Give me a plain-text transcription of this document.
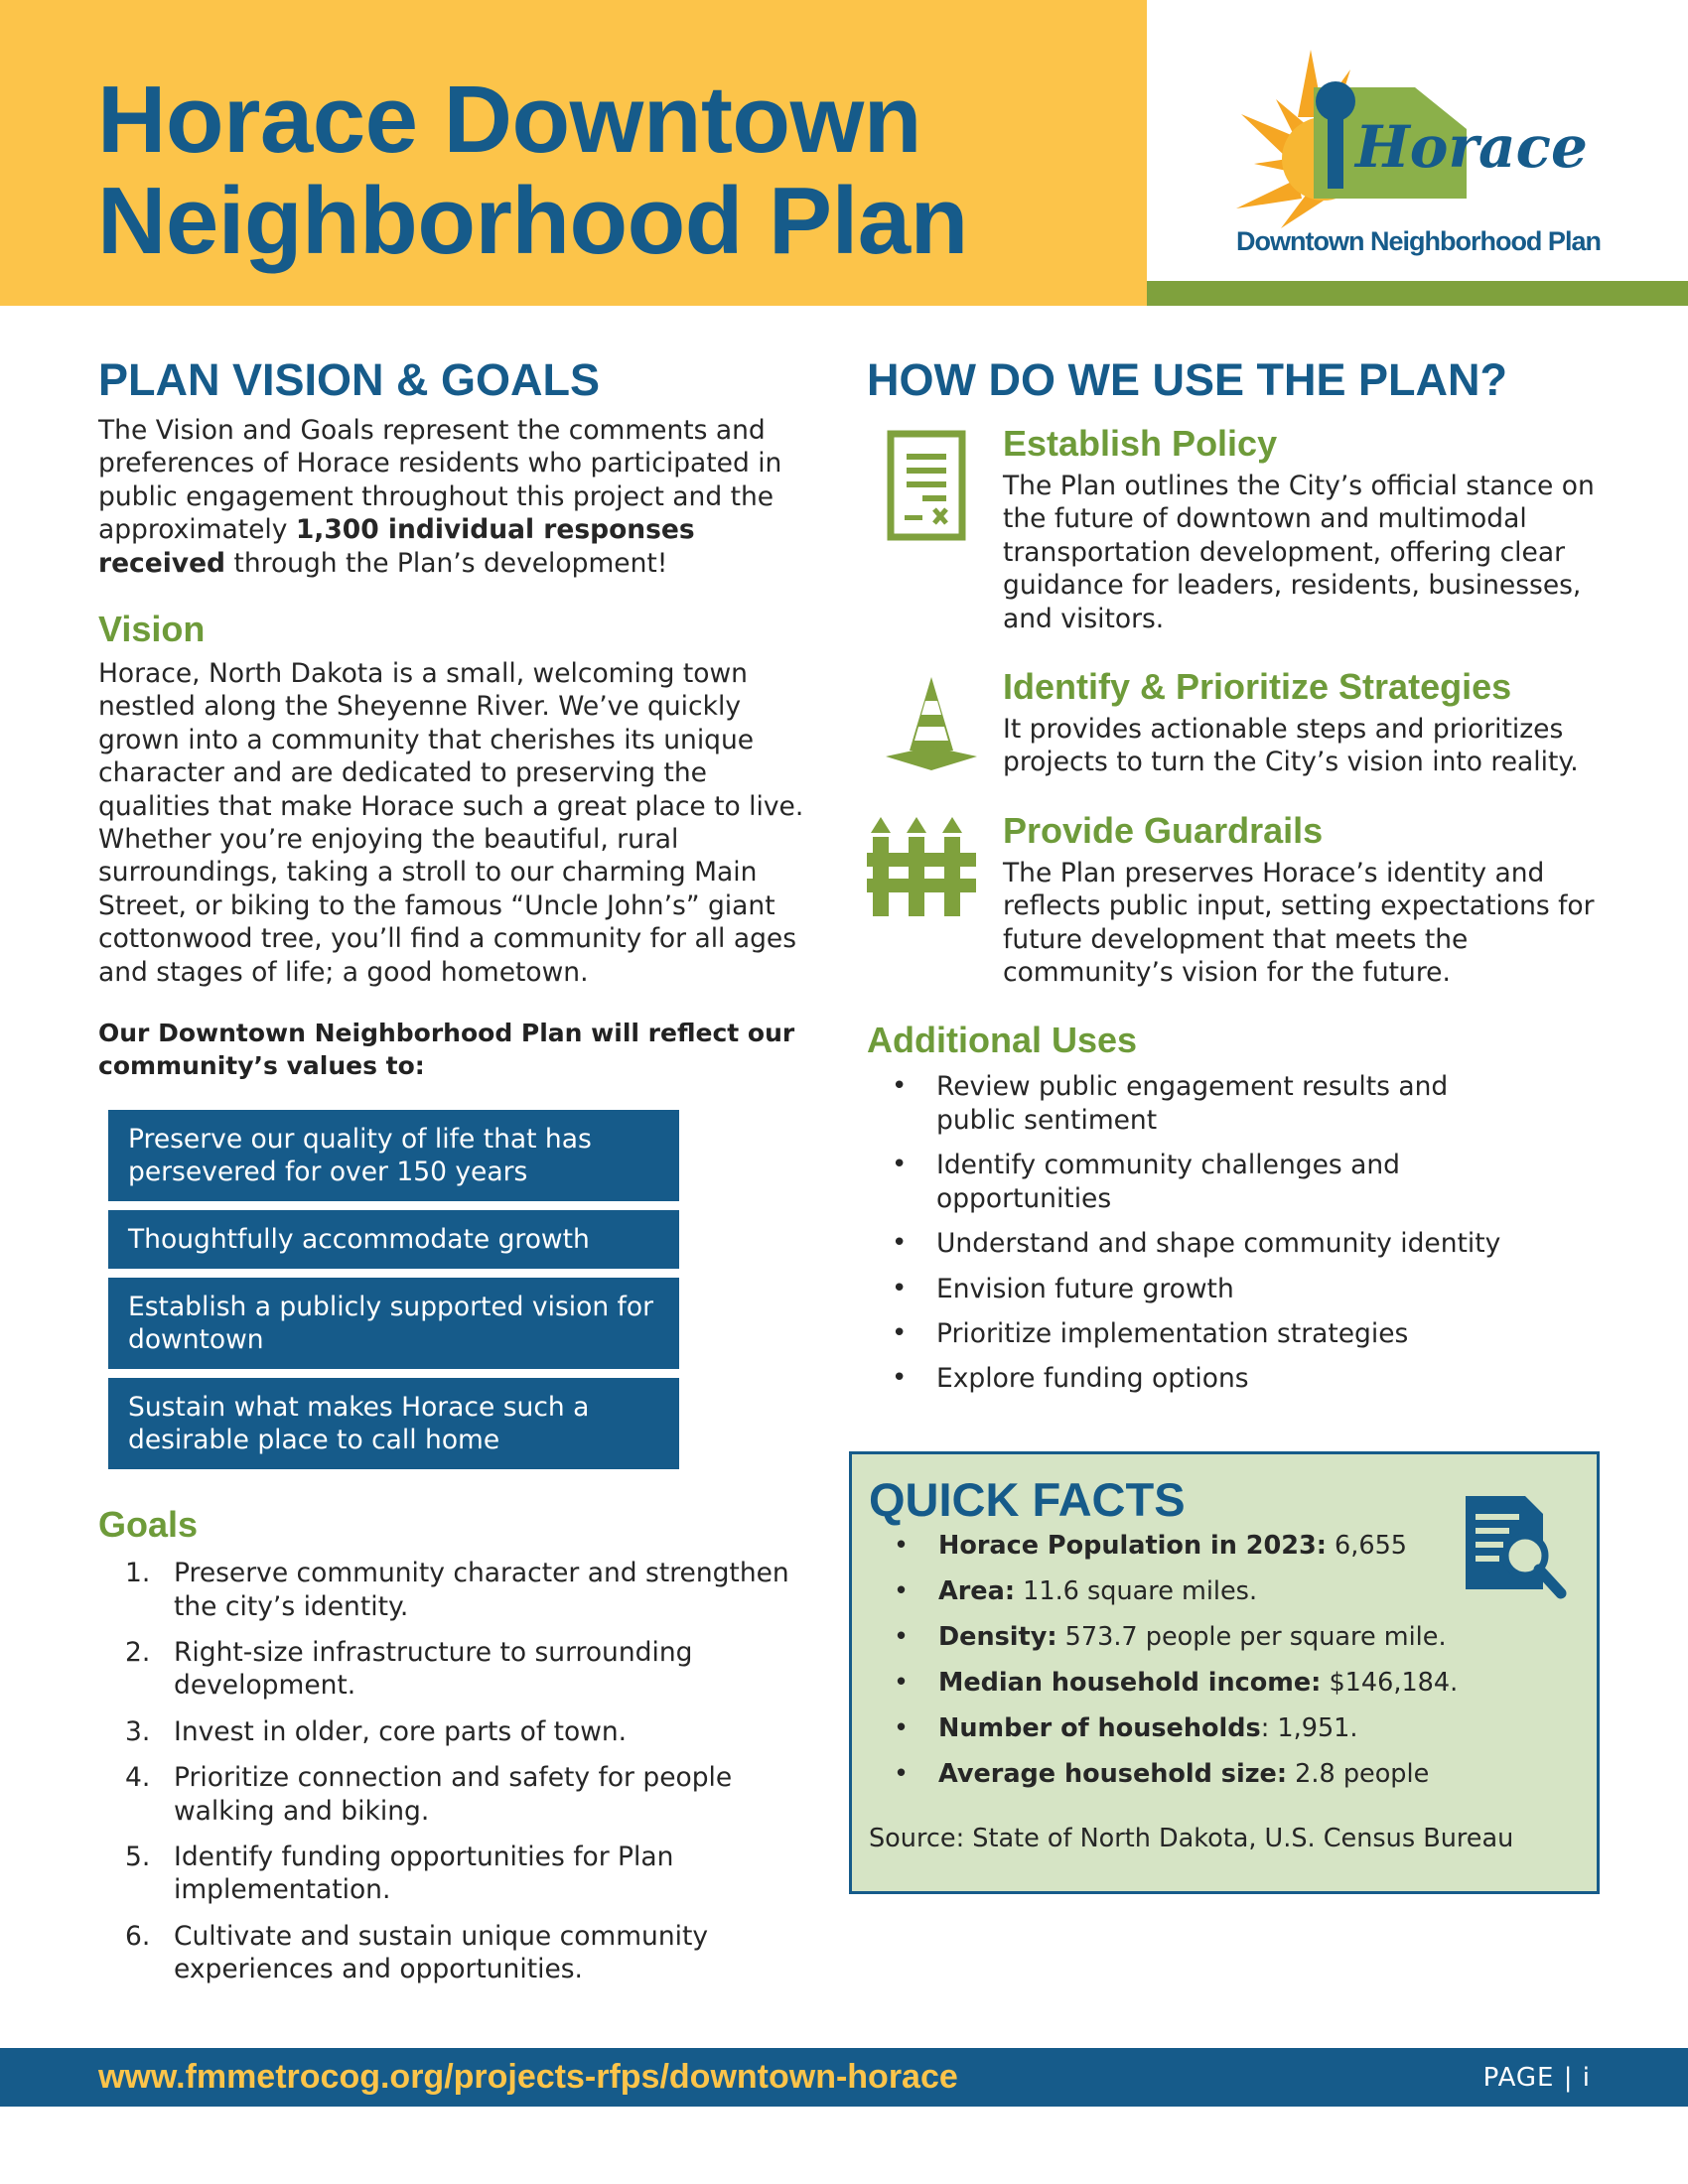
Horace Downtown
Neighborhood Plan
Horace
Downtown Neighborhood Plan
PLAN VISION & GOALS

The Vision and Goals represent the comments and preferences of Horace residents who participated in public engagement throughout this project and the approximately 1,300 individual responses received through the Plan’s development!

Vision

Horace, North Dakota is a small, welcoming town nestled along the Sheyenne River. We’ve quickly grown into a community that cherishes its unique character and are dedicated to preserving the qualities that make Horace such a great place to live. Whether you’re enjoying the beautiful, rural surroundings, taking a stroll to our charming Main Street, or biking to the famous “Uncle John’s” giant cottonwood tree, you’ll find a community for all ages and stages of life; a good hometown.

Our Downtown Neighborhood Plan will reflect our community’s values to:

Preserve our quality of life that has persevered for over 150 years
Thoughtfully accommodate growth
Establish a publicly supported vision for downtown
Sustain what makes Horace such a desirable place to call home
Goals
1. Preserve community character and strengthen the city’s identity.
2. Right-size infrastructure to surrounding development.
3. Invest in older, core parts of town.
4. Prioritize connection and safety for people walking and biking.
5. Identify funding opportunities for Plan implementation.
6. Cultivate and sustain unique community experiences and opportunities.
HOW DO WE USE THE PLAN?
Establish Policy

The Plan outlines the City’s official stance on the future of downtown and multimodal transportation development, offering clear guidance for leaders, residents, businesses, and visitors.

Identify & Prioritize Strategies

It provides actionable steps and prioritizes projects to turn the City’s vision into reality.

Provide Guardrails

The Plan preserves Horace’s identity and reflects public input, setting expectations for future development that meets the community’s vision for the future.

Additional Uses
• Review public engagement results and public sentiment
• Identify community challenges and opportunities
• Understand and shape community identity
• Envision future growth
• Prioritize implementation strategies
• Explore funding options
QUICK FACTS
• Horace Population in 2023: 6,655
• Area: 11.6 square miles.
• Density: 573.7 people per square mile.
• Median household income: $146,184.
• Number of households: 1,951.
• Average household size: 2.8 people

Source: State of North Dakota, U.S. Census Bureau

www.fmmetrocog.org/projects-rfps/downtown-horace	PAGE | i
